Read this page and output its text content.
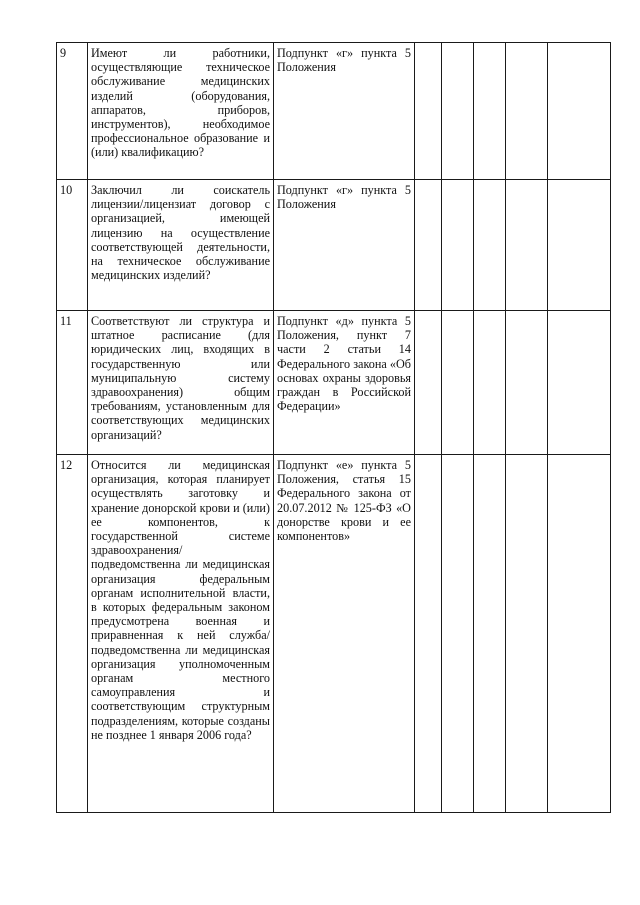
9	Имеют ли работники, осуществляющие техническое обслуживание медицинских изделий (оборудования, аппаратов, приборов, инструментов), необходимое профессиональное образование и (или) квалификацию?	Подпункт «г» пункта 5 Положения					
10	Заключил ли соискатель лицензии/лицензиат договор с организацией, имеющей лицензию на осуществление соответствующей деятельности, на техническое обслуживание медицинских изделий?	Подпункт «г» пункта 5 Положения					
11	Соответствуют ли структура и штатное расписание (для юридических лиц, входящих в государственную или муниципальную систему здравоохранения) общим требованиям, установленным для соответствующих медицинских организаций?	Подпункт «д» пункта 5 Положения, пункт 7 части 2 статьи 14 Федерального закона «Об основах охраны здоровья граждан в Российской Федерации»					
12	Относится ли медицинская организация, которая планирует осуществлять заготовку и хранение донорской крови и (или) ее компонентов, к государственной системе здравоохранения/ подведомственна ли медицинская организация федеральным органам исполнительной власти, в которых федеральным законом предусмотрена военная и приравненная к ней служба/ подведомственна ли медицинская организация уполномоченным органам местного самоуправления и соответствующим структурным подразделениям, которые созданы не позднее 1 января 2006 года?	Подпункт «е» пункта 5 Положения, статья 15 Федерального закона от 20.07.2012 № 125-ФЗ «О донорстве крови и ее компонентов»					
